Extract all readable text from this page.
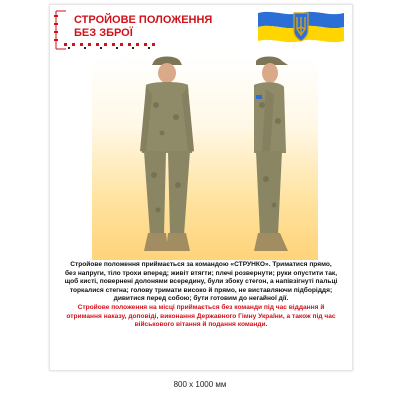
СТРОЙОВЕ ПОЛОЖЕННЯ
БЕЗ ЗБРОЇ
Стройове положення приймається за командою «СТРУНКО». Триматися прямо, без напруги, тіло трохи вперед; живіт втягти; плечі розвернути; руки опустити так, щоб кисті, повернені долонями всередину, були збоку стегон, а напівзігнуті пальці торкалися стегна; голову тримати високо й прямо, не виставляючи підборіддя; дивитися перед собою; бути готовим до негайної дії.
Стройове положення на місці приймається без команди під час віддання й отримання наказу, доповіді, виконання Державного Гімну України, а також під час військового вітання й подання команди.
800 x 1000 мм
